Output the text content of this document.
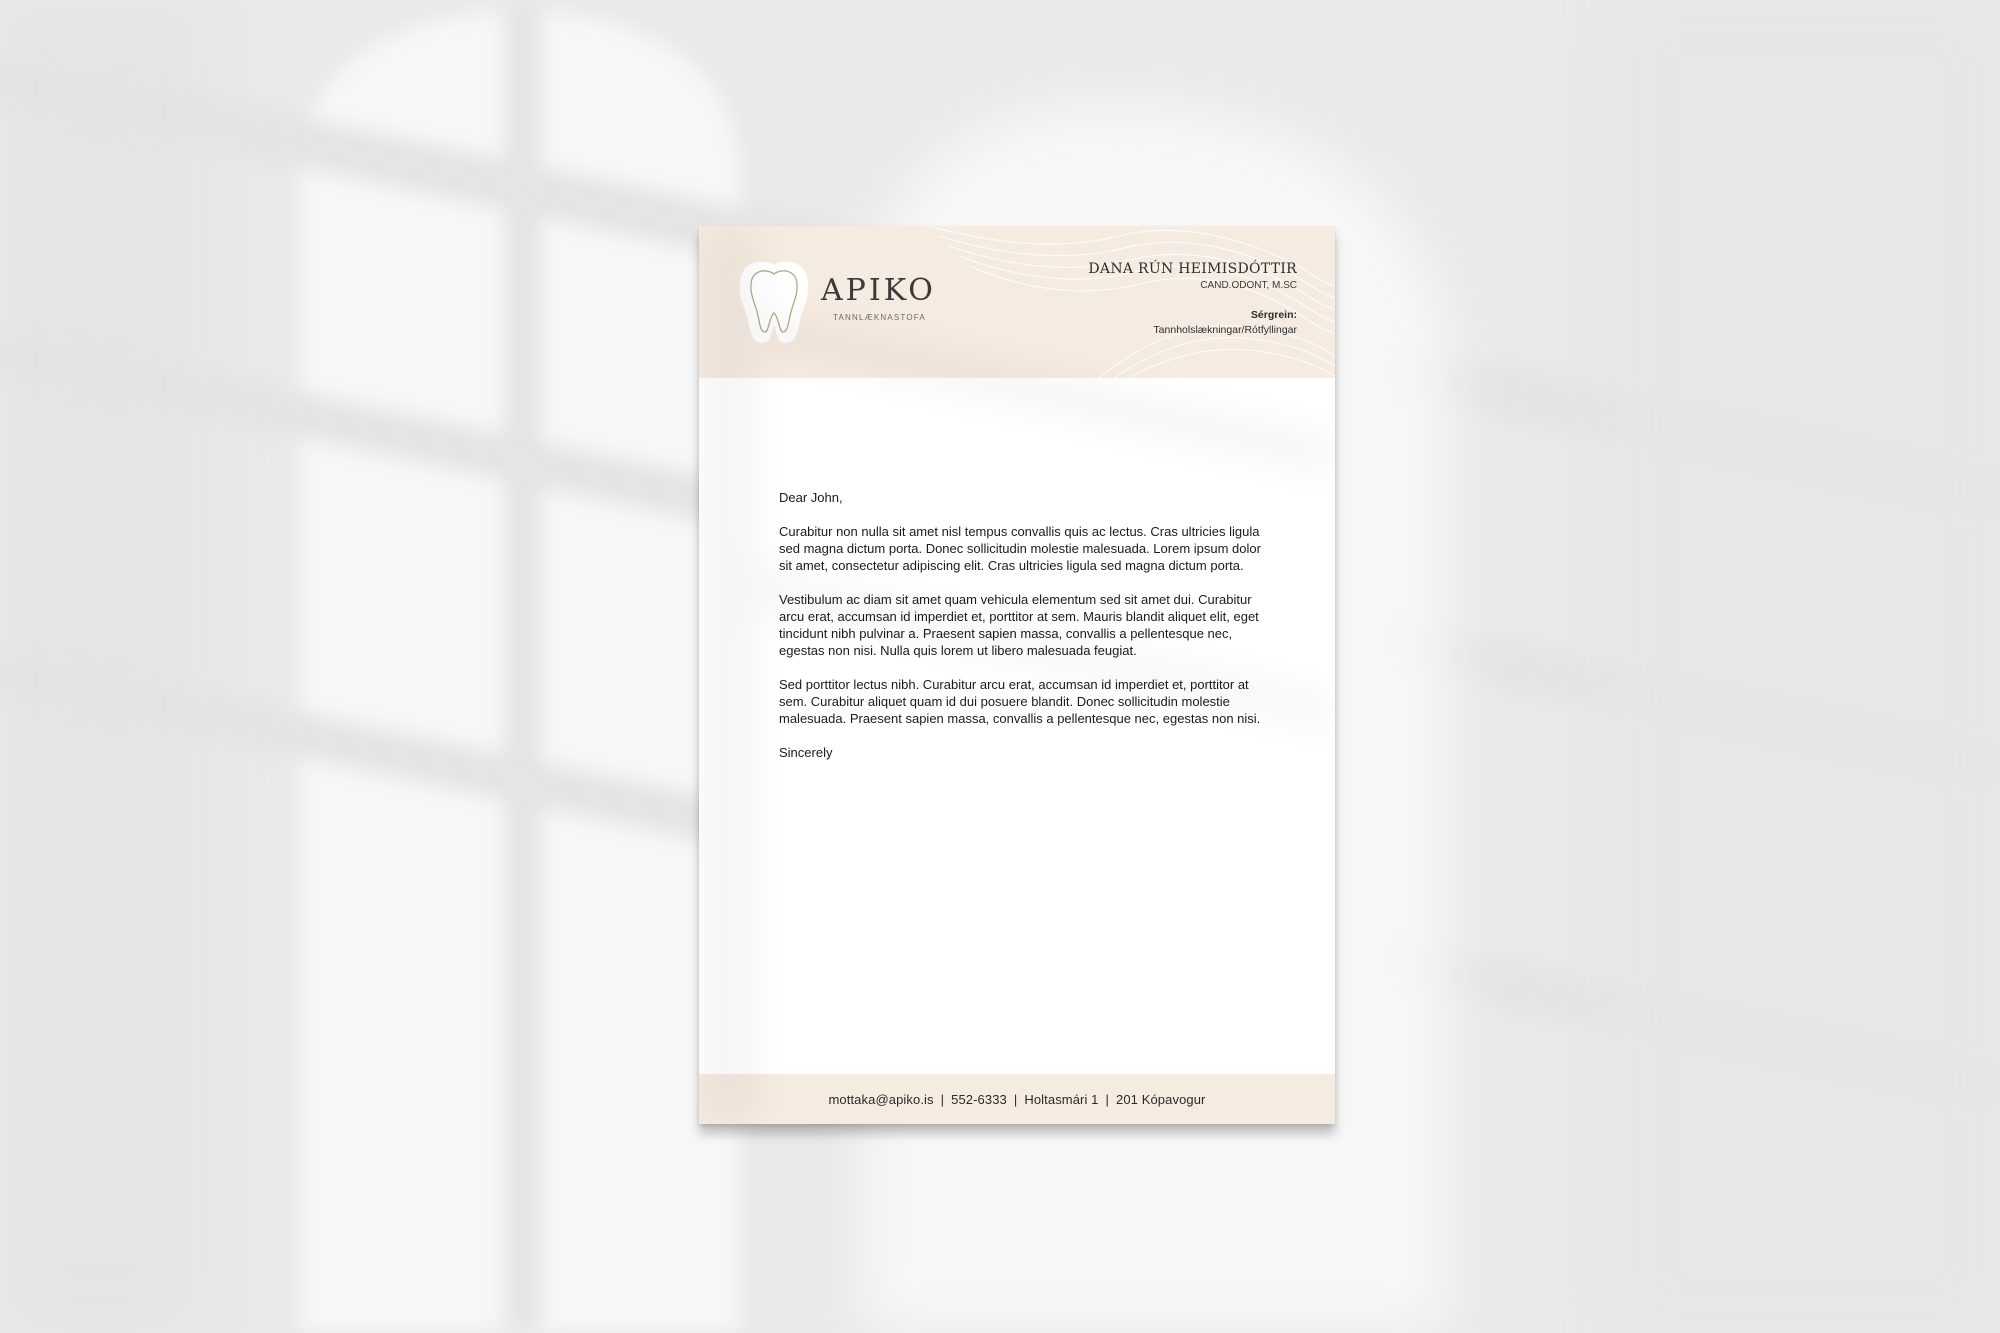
APIKO
TANNLÆKNASTOFA
DANA RÚN HEIMISDÓTTIR
CAND.ODONT, M.SC
Sérgrein:
Tannholslækningar/Rótfyllingar

Dear John,

Curabitur non nulla sit amet nisl tempus convallis quis ac lectus. Cras ultricies ligula sed magna dictum porta. Donec sollicitudin molestie malesuada. Lorem ipsum dolor sit amet, consectetur adipiscing elit. Cras ultricies ligula sed magna dictum porta.

Vestibulum ac diam sit amet quam vehicula elementum sed sit amet dui. Curabitur arcu erat, accumsan id imperdiet et, porttitor at sem. Mauris blandit aliquet elit, eget tincidunt nibh pulvinar a. Praesent sapien massa, convallis a pellentesque nec, egestas non nisi. Nulla quis lorem ut libero malesuada feugiat.

Sed porttitor lectus nibh. Curabitur arcu erat, accumsan id imperdiet et, porttitor at sem. Curabitur aliquet quam id dui posuere blandit. Donec sollicitudin molestie malesuada. Praesent sapien massa, convallis a pellentesque nec, egestas non nisi.

Sincerely

mottaka@apiko.is | 552-6333 | Holtasmári 1 | 201 Kópavogur
